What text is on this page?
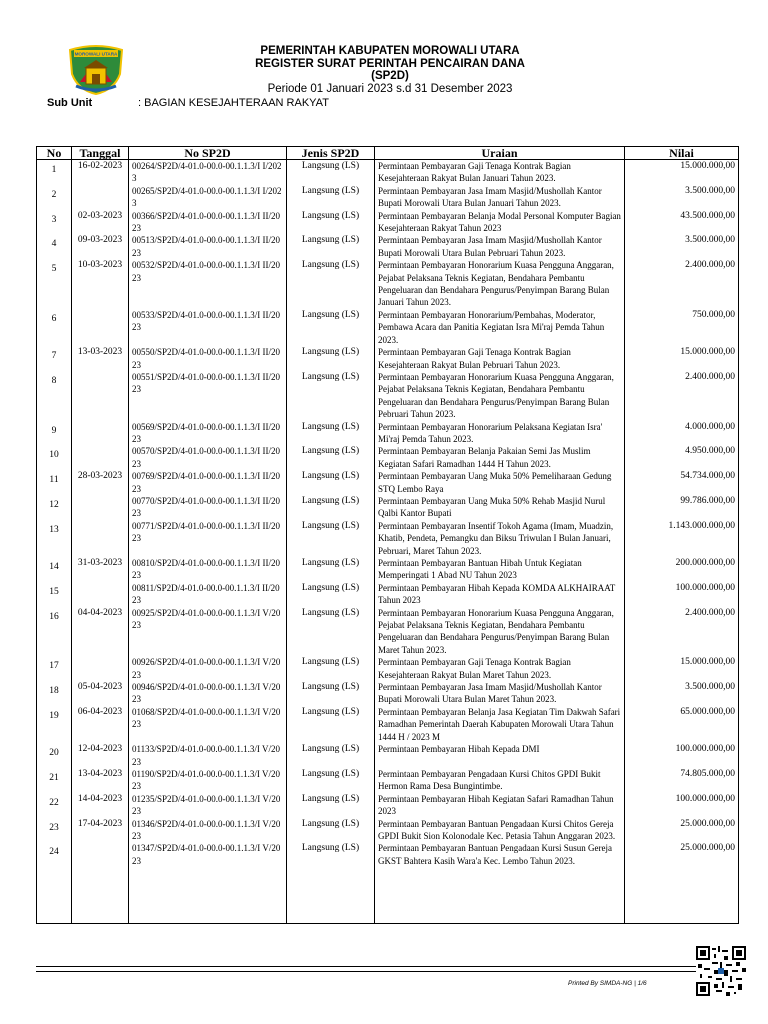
MOROWALI UTARA	PEMERINTAH KABUPATEN MOROWALI UTARA
REGISTER SURAT PERINTAH PENCAIRAN DANA
(SP2D)
Periode 01 Januari 2023 s.d 31 Desember 2023
Sub Unit	: BAGIAN KESEJAHTERAAN RAKYAT
No	Tanggal	No SP2D	Jenis SP2D	Uraian	Nilai

1	16-02-2023	00264/SP2D/4-01.0-00.0-00.1.1.3/I I/2023	Langsung (LS)	Permintaan Pembayaran Gaji Tenaga Kontrak Bagian Kesejahteraan Rakyat Bulan Januari Tahun 2023.	15.000.000,00

2		00265/SP2D/4-01.0-00.0-00.1.1.3/I I/2023	Langsung (LS)	Permintaan Pembayaran Jasa Imam Masjid/Mushollah Kantor Bupati Morowali Utara Bulan Januari Tahun 2023.	3.500.000,00

3	02-03-2023	00366/SP2D/4-01.0-00.0-00.1.1.3/I II/2023	Langsung (LS)	Permintaan Pembayaran Belanja Modal Personal Komputer Bagian Kesejahteraan Rakyat Tahun 2023	43.500.000,00

4	09-03-2023	00513/SP2D/4-01.0-00.0-00.1.1.3/I II/2023	Langsung (LS)	Permintaan Pembayaran Jasa Imam Masjid/Mushollah Kantor Bupati Morowali Utara Bulan Pebruari Tahun 2023.	3.500.000,00

5	10-03-2023	00532/SP2D/4-01.0-00.0-00.1.1.3/I II/2023	Langsung (LS)	Permintaan Pembayaran Honorarium Kuasa Pengguna Anggaran, Pejabat Pelaksana Teknis Kegiatan, Bendahara Pembantu Pengeluaran dan Bendahara Pengurus/Penyimpan Barang Bulan Januari Tahun 2023.	2.400.000,00

6		00533/SP2D/4-01.0-00.0-00.1.1.3/I II/2023	Langsung (LS)	Permintaan Pembayaran Honorarium/Pembahas, Moderator, Pembawa Acara dan Panitia Kegiatan Isra Mi'raj Pemda Tahun 2023.	750.000,00

7	13-03-2023	00550/SP2D/4-01.0-00.0-00.1.1.3/I II/2023	Langsung (LS)	Permintaan Pembayaran Gaji Tenaga Kontrak Bagian Kesejahteraan Rakyat Bulan Pebruari Tahun 2023.	15.000.000,00

8		00551/SP2D/4-01.0-00.0-00.1.1.3/I II/2023	Langsung (LS)	Permintaan Pembayaran Honorarium Kuasa Pengguna Anggaran, Pejabat Pelaksana Teknis Kegiatan, Bendahara Pembantu Pengeluaran dan Bendahara Pengurus/Penyimpan Barang Bulan Pebruari Tahun 2023.	2.400.000,00

9		00569/SP2D/4-01.0-00.0-00.1.1.3/I II/2023	Langsung (LS)	Permintaan Pembayaran Honorarium Pelaksana Kegiatan Isra' Mi'raj Pemda Tahun 2023.	4.000.000,00

10		00570/SP2D/4-01.0-00.0-00.1.1.3/I II/2023	Langsung (LS)	Permintaan Pembayaran Belanja Pakaian Semi Jas Muslim Kegiatan Safari Ramadhan 1444 H Tahun 2023.	4.950.000,00

11	28-03-2023	00769/SP2D/4-01.0-00.0-00.1.1.3/I II/2023	Langsung (LS)	Permintaan Pembayaran Uang Muka 50% Pemeliharaan Gedung STQ Lembo Raya	54.734.000,00

12		00770/SP2D/4-01.0-00.0-00.1.1.3/I II/2023	Langsung (LS)	Permintaan Pembayaran Uang Muka 50% Rehab Masjid Nurul Qalbi Kantor Bupati	99.786.000,00

13		00771/SP2D/4-01.0-00.0-00.1.1.3/I II/2023	Langsung (LS)	Permintaan Pembayaran Insentif Tokoh Agama (Imam, Muadzin, Khatib, Pendeta, Pemangku dan Biksu Triwulan I Bulan Januari, Pebruari, Maret Tahun 2023.	1.143.000.000,00

14	31-03-2023	00810/SP2D/4-01.0-00.0-00.1.1.3/I II/2023	Langsung (LS)	Permintaan Pembayaran Bantuan Hibah Untuk Kegiatan Memperingati 1 Abad NU Tahun 2023	200.000.000,00

15		00811/SP2D/4-01.0-00.0-00.1.1.3/I II/2023	Langsung (LS)	Permintaan Pembayaran Hibah Kepada KOMDA ALKHAIRAAT Tahun 2023	100.000.000,00

16	04-04-2023	00925/SP2D/4-01.0-00.0-00.1.1.3/I V/2023	Langsung (LS)	Permintaan Pembayaran Honorarium Kuasa Pengguna Anggaran, Pejabat Pelaksana Teknis Kegiatan, Bendahara Pembantu Pengeluaran dan Bendahara Pengurus/Penyimpan Barang Bulan Maret Tahun 2023.	2.400.000,00

17		00926/SP2D/4-01.0-00.0-00.1.1.3/I V/2023	Langsung (LS)	Permintaan Pembayaran Gaji Tenaga Kontrak Bagian Kesejahteraan Rakyat Bulan Maret Tahun 2023.	15.000.000,00

18	05-04-2023	00946/SP2D/4-01.0-00.0-00.1.1.3/I V/2023	Langsung (LS)	Permintaan Pembayaran Jasa Imam Masjid/Mushollah Kantor Bupati Morowali Utara Bulan Maret Tahun 2023.	3.500.000,00

19	06-04-2023	01068/SP2D/4-01.0-00.0-00.1.1.3/I V/2023	Langsung (LS)	Permintaan Pembayaran Belanja Jasa Kegiatan Tim Dakwah Safari Ramadhan Pemerintah Daerah Kabupaten Morowali Utara Tahun 1444 H / 2023 M	65.000.000,00

20	12-04-2023	01133/SP2D/4-01.0-00.0-00.1.1.3/I V/2023	Langsung (LS)	Permintaan Pembayaran Hibah Kepada DMI	100.000.000,00

21	13-04-2023	01190/SP2D/4-01.0-00.0-00.1.1.3/I V/2023	Langsung (LS)	Permintaan Pembayaran Pengadaan Kursi Chitos GPDI Bukit Hermon Rama Desa Bungintimbe.	74.805.000,00

22	14-04-2023	01235/SP2D/4-01.0-00.0-00.1.1.3/I V/2023	Langsung (LS)	Permintaan Pembayaran Hibah Kegiatan Safari Ramadhan Tahun 2023	100.000.000,00

23	17-04-2023	01346/SP2D/4-01.0-00.0-00.1.1.3/I V/2023	Langsung (LS)	Permintaan Pembayaran Bantuan Pengadaan Kursi Chitos Gereja GPDI Bukit Sion Kolonodale Kec. Petasia Tahun Anggaran 2023.	25.000.000,00

24		01347/SP2D/4-01.0-00.0-00.1.1.3/I V/2023	Langsung (LS)	Permintaan Pembayaran Bantuan Pengadaan Kursi Susun Gereja GKST Bahtera Kasih Wara'a Kec. Lembo Tahun 2023.	25.000.000,00

Printed By SIMDA-NG | 1/6
